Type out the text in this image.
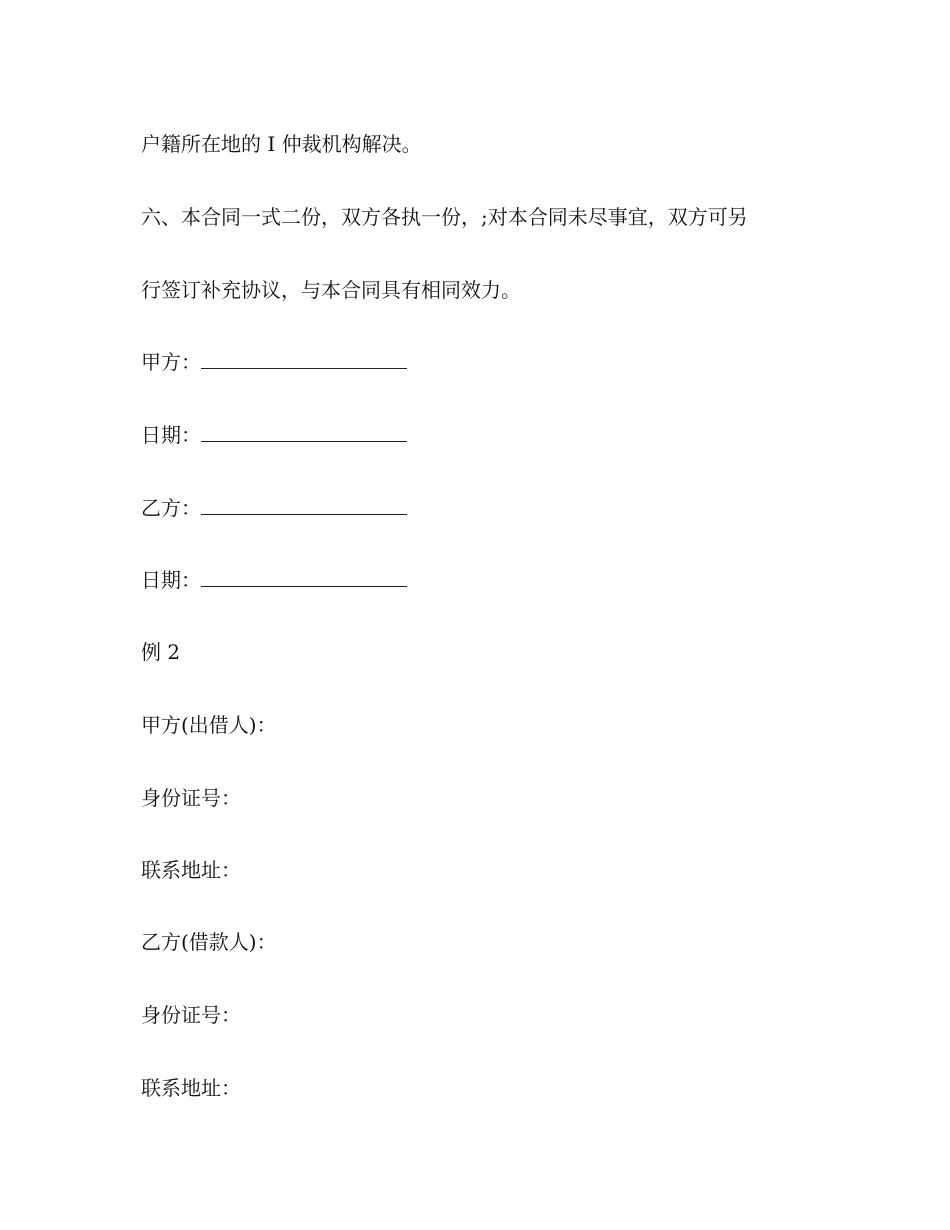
户籍所在地的 I 仲裁机构解决。
六、本合同一式二份，双方各执一份，;对本合同未尽事宜，双方可另
行签订补充协议，与本合同具有相同效力。
甲方：
日期：
乙方：
日期：
例 2
甲方(出借人)：
身份证号：
联系地址：
乙方(借款人)：
身份证号：
联系地址：
